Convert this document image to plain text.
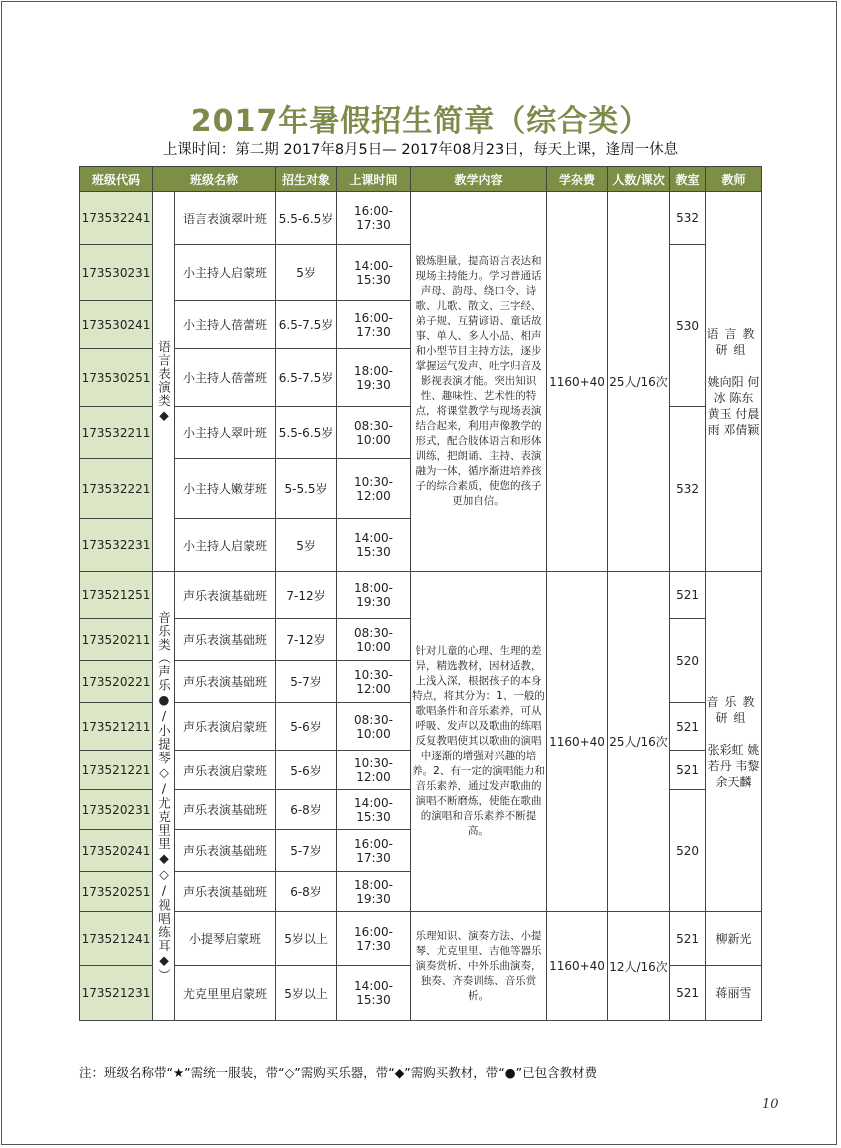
2017年暑假招生简章（综合类）
上课时间：第二期 2017年8月5日— 2017年08月23日，每天上课，逢周一休息
班级代码	班级名称		招生对象	上课时间	教学内容	学杂费	人数/课次	教室	教师
173532241	语言表演类◆	语言表演翠叶班	5.5-6.5岁	16:00-17:30	锻炼胆量，提高语言表达和现场主持能力。学习普通话声母、韵母、绕口令、诗歌、儿歌、散文、三字经、弟子规、互猜谚语、童话故事、单人、多人小品、相声和小型节目主持方法，逐步掌握运气发声、吐字归音及影视表演才能。突出知识性、趣味性、艺术性的特点，将课堂教学与现场表演结合起来，利用声像教学的形式，配合肢体语言和形体训练，把朗诵、主持、表演融为一体，循序渐进培养孩子的综合素质，使您的孩子更加自信。	1160+40	25人/16次	532	语言教研组
姚向阳 何冰 陈东 黄玉 付晨雨 邓倩颖

173530231		小主持人启蒙班	5岁	14:00-15:30				530	
173530241		小主持人蓓蕾班	6.5-7.5岁	16:00-17:30					
173530251		小主持人蓓蕾班	6.5-7.5岁	18:00-19:30					
173532211		小主持人翠叶班	5.5-6.5岁	08:30-10:00				532	
173532221		小主持人嫩芽班	5-5.5岁	10:30-12:00					
173532231		小主持人启蒙班	5岁	14:00-15:30					
173521251	音乐类（声乐●/小提琴◇/尤克里里◆◇/视唱练耳◆）	声乐表演基础班	7-12岁	18:00-19:30	针对儿童的心理、生理的差异，精选教材，因材适教，上浅入深，根据孩子的本身特点，将其分为：1、一般的歌唱条件和音乐素养，可从呼吸、发声以及歌曲的练唱反复教唱使其以歌曲的演唱中逐渐的增强对兴趣的培养。2、有一定的演唱能力和音乐素养，通过发声歌曲的演唱不断磨炼，使能在歌曲的演唱和音乐素养不断提高。	1160+40	25人/16次	521	音乐教研组
张彩虹 姚若丹 韦黎 余天麟

173520211		声乐表演基础班	7-12岁	08:30-10:00				520	
173520221		声乐表演基础班	5-7岁	10:30-12:00					
173521211		声乐表演启蒙班	5-6岁	08:30-10:00				521	
173521221		声乐表演启蒙班	5-6岁	10:30-12:00				521	
173520231		声乐表演基础班	6-8岁	14:00-15:30				520	
173520241		声乐表演基础班	5-7岁	16:00-17:30					
173520251		声乐表演基础班	6-8岁	18:00-19:30					
173521241		小提琴启蒙班	5岁以上	16:00-17:30	乐理知识、演奏方法、小提琴、尤克里里、吉他等器乐演奏赏析、中外乐曲演奏，独奏、齐奏训练、音乐赏析。	1160+40	12人/16次	521	柳新光
173521231		尤克里里启蒙班	5岁以上	14:00-15:30				521	蒋丽雪
注：班级名称带“★”需统一服装，带“◇”需购买乐器，带“◆”需购买教材，带“●”已包含教材费
10
